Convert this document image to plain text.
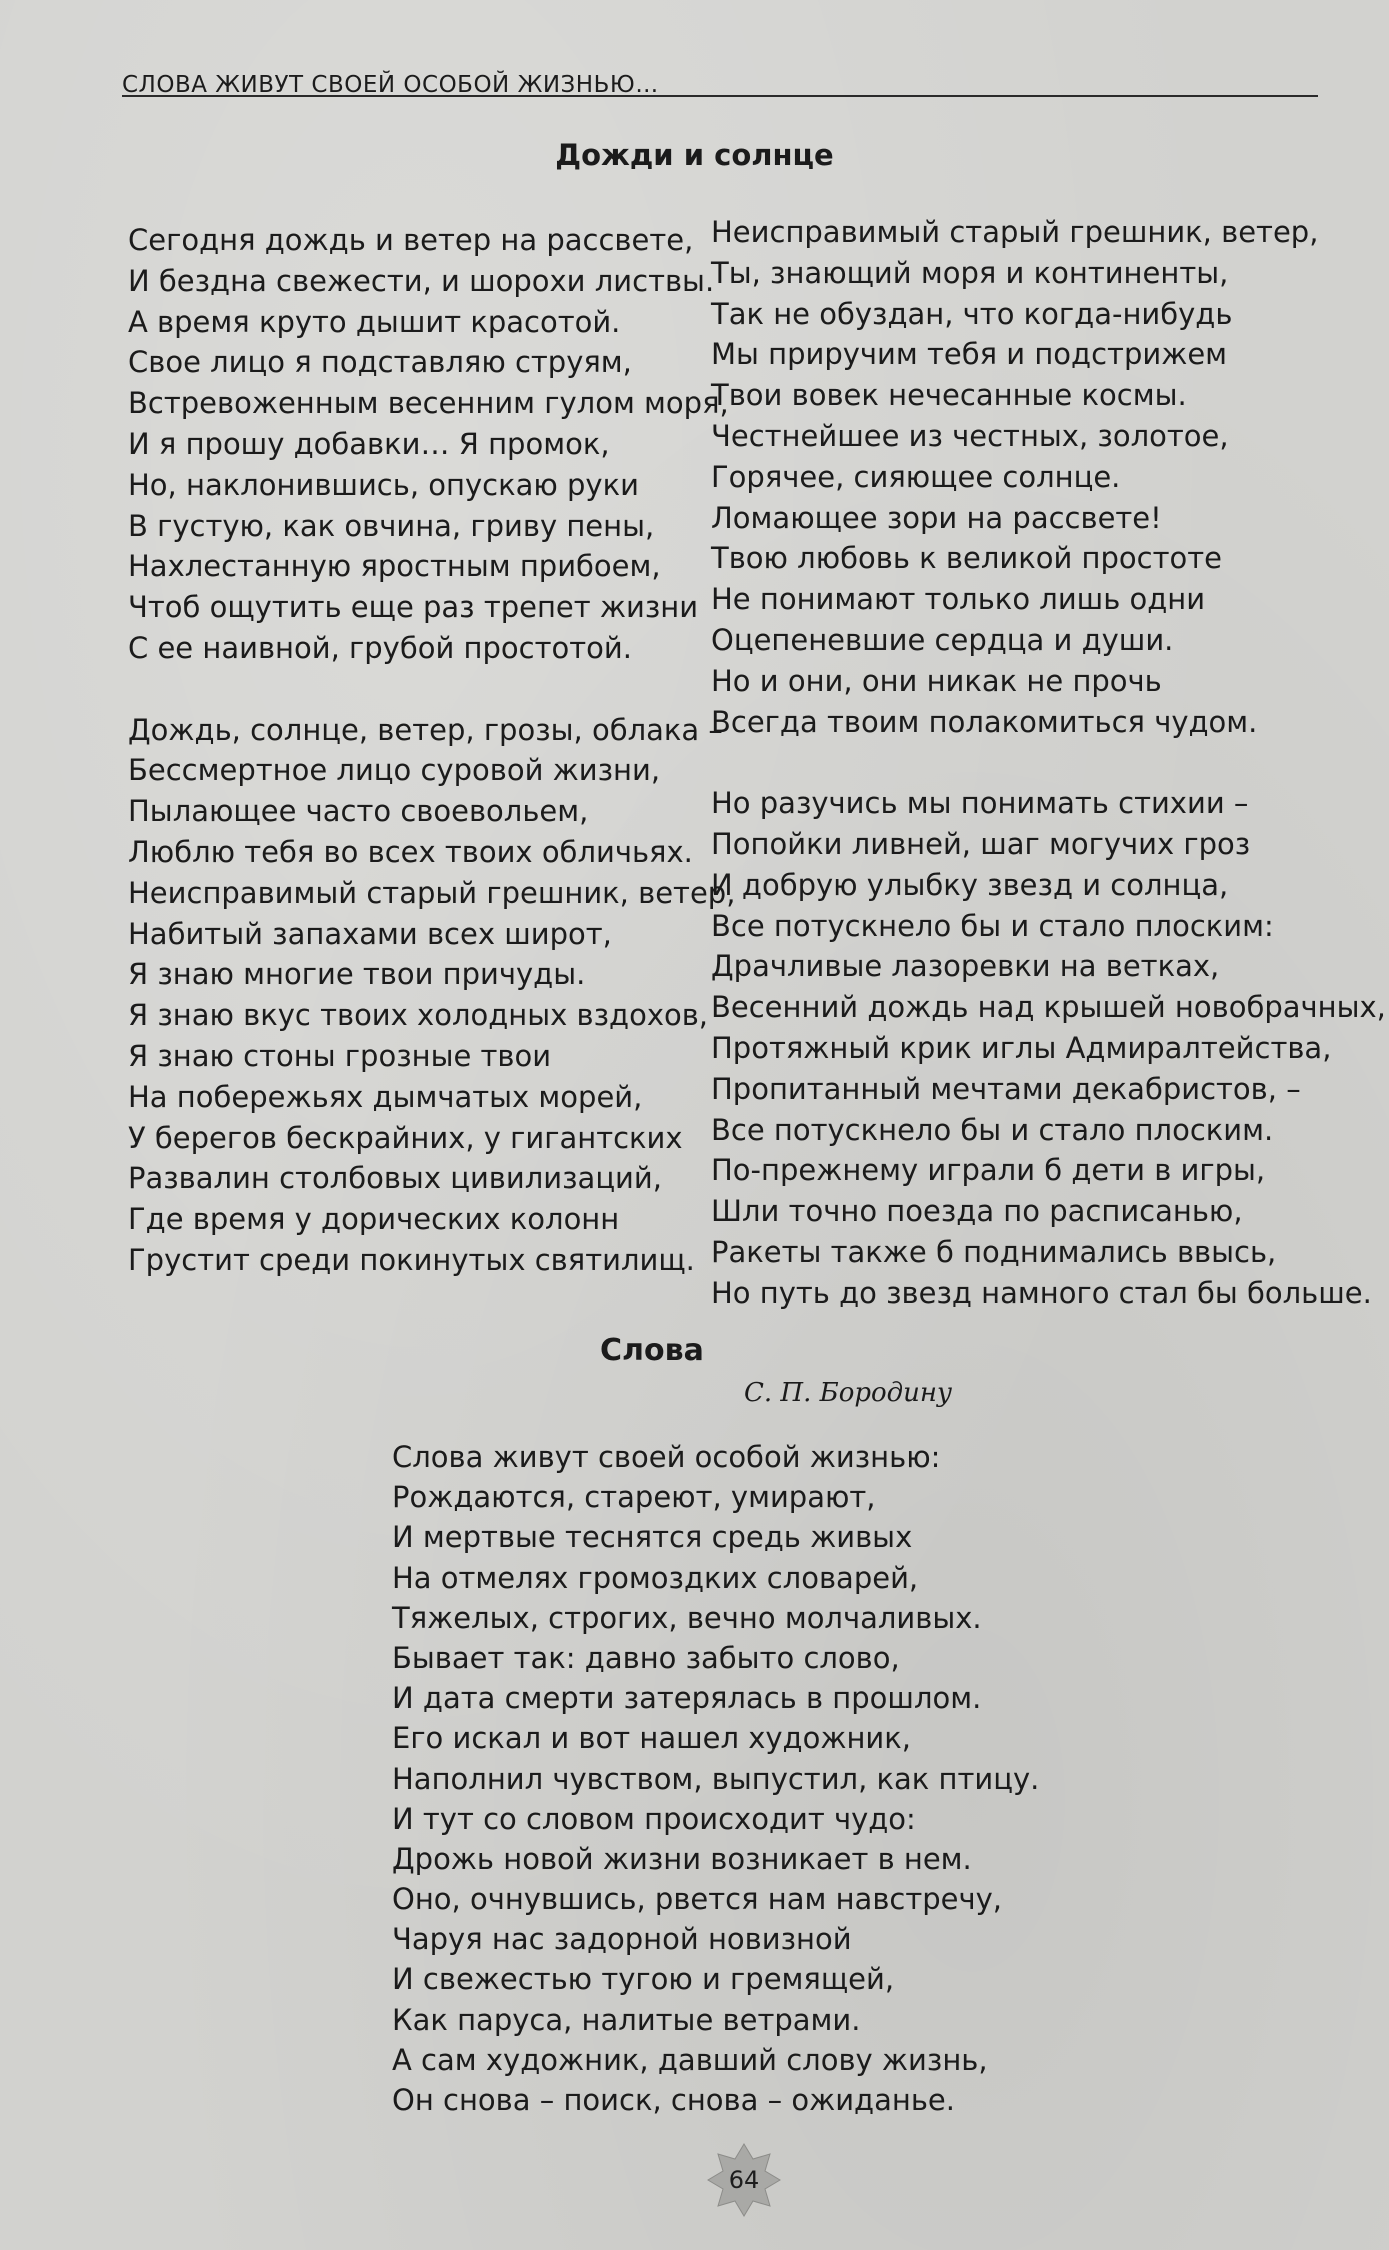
СЛОВА ЖИВУТ СВОЕЙ ОСОБОЙ ЖИЗНЬЮ…
Дожди и солнце
Сегодня дождь и ветер на рассвете,
И бездна свежести, и шорохи листвы.
А время круто дышит красотой.
Свое лицо я подставляю струям,
Встревоженным весенним гулом моря,
И я прошу добавки… Я промок,
Но, наклонившись, опускаю руки
В густую, как овчина, гриву пены,
Нахлестанную яростным прибоем,
Чтоб ощутить еще раз трепет жизни
С ее наивной, грубой простотой.
Дождь, солнце, ветер, грозы, облака –
Бессмертное лицо суровой жизни,
Пылающее часто своевольем,
Люблю тебя во всех твоих обличьях.
Неисправимый старый грешник, ветер,
Набитый запахами всех широт,
Я знаю многие твои причуды.
Я знаю вкус твоих холодных вздохов,
Я знаю стоны грозные твои
На побережьях дымчатых морей,
У берегов бескрайних, у гигантских
Развалин столбовых цивилизаций,
Где время у дорических колонн
Грустит среди покинутых святилищ.
Неисправимый старый грешник, ветер,
Ты, знающий моря и континенты,
Так не обуздан, что когда-нибудь
Мы приручим тебя и подстрижем
Твои вовек нечесанные космы.
Честнейшее из честных, золотое,
Горячее, сияющее солнце.
Ломающее зори на рассвете!
Твою любовь к великой простоте
Не понимают только лишь одни
Оцепеневшие сердца и души.
Но и они, они никак не прочь
Всегда твоим полакомиться чудом.
Но разучись мы понимать стихии –
Попойки ливней, шаг могучих гроз
И добрую улыбку звезд и солнца,
Все потускнело бы и стало плоским:
Драчливые лазоревки на ветках,
Весенний дождь над крышей новобрачных,
Протяжный крик иглы Адмиралтейства,
Пропитанный мечтами декабристов, –
Все потускнело бы и стало плоским.
По-прежнему играли б дети в игры,
Шли точно поезда по расписанью,
Ракеты также б поднимались ввысь,
Но путь до звезд намного стал бы больше.
Слова
С. П. Бородину
Слова живут своей особой жизнью:
Рождаются, стареют, умирают,
И мертвые теснятся средь живых
На отмелях громоздких словарей,
Тяжелых, строгих, вечно молчаливых.
Бывает так: давно забыто слово,
И дата смерти затерялась в прошлом.
Его искал и вот нашел художник,
Наполнил чувством, выпустил, как птицу.
И тут со словом происходит чудо:
Дрожь новой жизни возникает в нем.
Оно, очнувшись, рвется нам навстречу,
Чаруя нас задорной новизной
И свежестью тугою и гремящей,
Как паруса, налитые ветрами.
А сам художник, давший слову жизнь,
Он снова – поиск, снова – ожиданье.
64
